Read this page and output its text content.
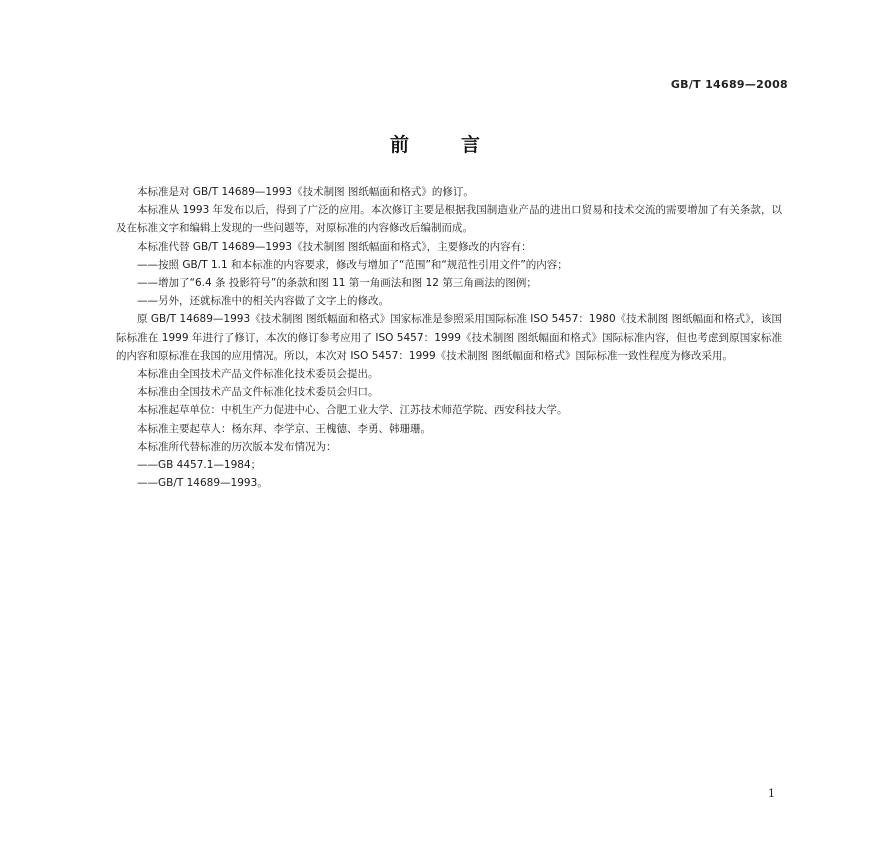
GB/T 14689—2008
前言

本标准是对 GB/T 14689—1993《技术制图 图纸幅面和格式》的修订。

本标准从 1993 年发布以后，得到了广泛的应用。本次修订主要是根据我国制造业产品的进出口贸易和技术交流的需要增加了有关条款，以及在标准文字和编辑上发现的一些问题等，对原标准的内容修改后编制而成。

本标准代替 GB/T 14689—1993《技术制图 图纸幅面和格式》，主要修改的内容有：

——按照 GB/T 1.1 和本标准的内容要求，修改与增加了“范围”和“规范性引用文件”的内容；

——增加了“6.4 条 投影符号”的条款和图 11 第一角画法和图 12 第三角画法的图例；

——另外，还就标准中的相关内容做了文字上的修改。

原 GB/T 14689—1993《技术制图 图纸幅面和格式》国家标准是参照采用国际标准 ISO 5457：1980《技术制图 图纸幅面和格式》，该国际标准在 1999 年进行了修订，本次的修订参考应用了 ISO 5457：1999《技术制图 图纸幅面和格式》国际标准内容，但也考虑到原国家标准的内容和原标准在我国的应用情况。所以，本次对 ISO 5457：1999《技术制图 图纸幅面和格式》国际标准一致性程度为修改采用。

本标准由全国技术产品文件标准化技术委员会提出。

本标准由全国技术产品文件标准化技术委员会归口。

本标准起草单位：中机生产力促进中心、合肥工业大学、江苏技术师范学院、西安科技大学。

本标准主要起草人：杨东拜、李学京、王槐德、李勇、韩珊珊。

本标准所代替标准的历次版本发布情况为：

——GB 4457.1—1984；

——GB/T 14689—1993。

1
